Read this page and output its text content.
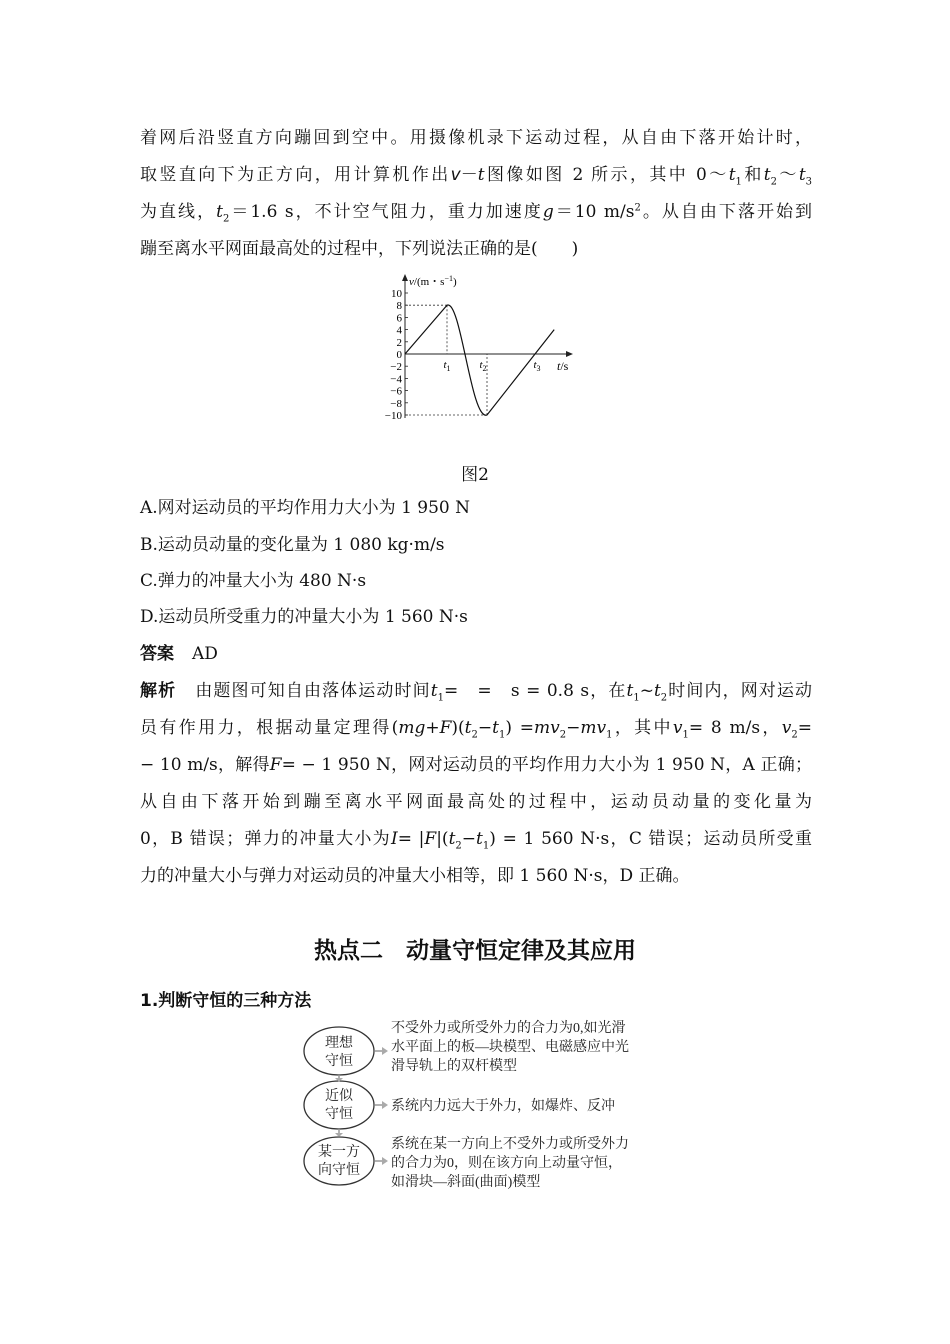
着网后沿竖直方向蹦回到空中。用摄像机录下运动过程，从自由下落开始计时，
取竖直向下为正方向，用计算机作出v－t图像如图 2 所示，其中 $0\sim t_1$和$t_2\sim t_3$
为直线，$t_2=1.6$ s，不计空气阻力，重力加速度g＝10 $m/s^2$。从自由下落开始到
蹦至离水平网面最高处的过程中，下列说法正确的是(　　)
v/(m・$s^{-1}$)
t/s
10
8
6
4
2
0
−2
−4
−6
−8
−10
$t_1$	$t_2$	$t_3$
图2
A.网对运动员的平均作用力大小为 1 950 N
B.运动员动量的变化量为 1 080 kg·m/s
C.弹力的冲量大小为 480 N·s
D.运动员所受重力的冲量大小为 1 560 N·s
答案 AD
解析 由题图可知自由落体运动时间$t_1=$　=　s = 0.8 s，在$t_1\sim t_2$时间内，网对运动
员有作用力，根据动量定理得$(mg+F)(t_2-t_1) =mv_2-mv_1$，其中$v_1= 8$ m/s，$v_2=$
− 10 m/s，解得F= − 1 950 N，网对运动员的平均作用力大小为 1 950 N，A 正确；
从自由下落开始到蹦至离水平网面最高处的过程中，运动员动量的变化量为
0，B 错误；弹力的冲量大小为$I= |F|(t_2-t_1) = 1$ 560 N·s，C 错误；运动员所受重
力的冲量大小与弹力对运动员的冲量大小相等，即 1 560 N·s，D 正确。
热点二　动量守恒定律及其应用
1.判断守恒的三种方法
理想
守恒
近似
守恒
某一方
向守恒
不受外力或所受外力的合力为0,如光滑
水平面上的板—块模型、电磁感应中光
滑导轨上的双杆模型
系统内力远大于外力，如爆炸、反冲
系统在某一方向上不受外力或所受外力
的合力为0，则在该方向上动量守恒，
如滑块—斜面(曲面)模型
